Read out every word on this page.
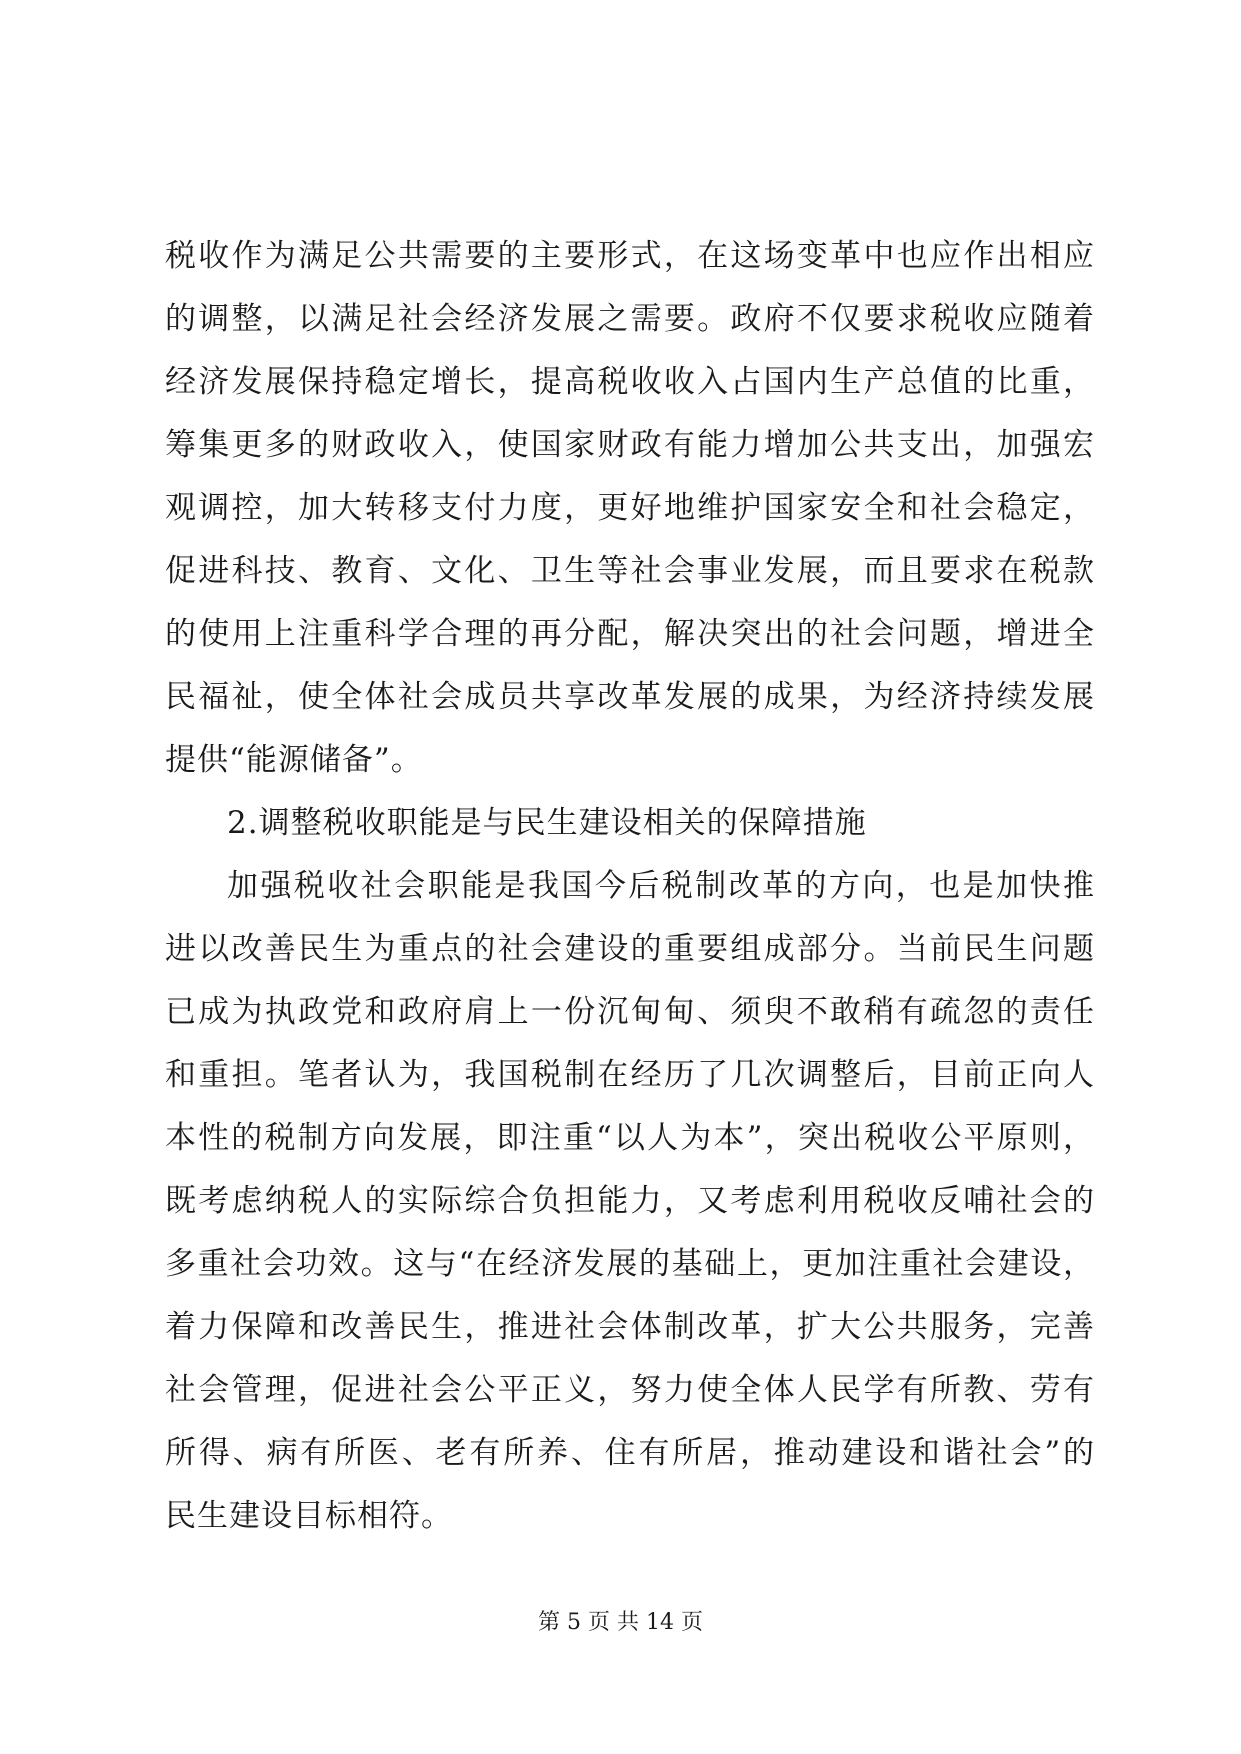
税收作为满足公共需要的主要形式，在这场变革中也应作出相应
的调整，以满足社会经济发展之需要。政府不仅要求税收应随着
经济发展保持稳定增长，提高税收收入占国内生产总值的比重，
筹集更多的财政收入，使国家财政有能力增加公共支出，加强宏
观调控，加大转移支付力度，更好地维护国家安全和社会稳定，
促进科技、教育、文化、卫生等社会事业发展，而且要求在税款
的使用上注重科学合理的再分配，解决突出的社会问题，增进全
民福祉，使全体社会成员共享改革发展的成果，为经济持续发展
提供“能源储备”。
2.调整税收职能是与民生建设相关的保障措施
加强税收社会职能是我国今后税制改革的方向，也是加快推
进以改善民生为重点的社会建设的重要组成部分。当前民生问题
已成为执政党和政府肩上一份沉甸甸、须臾不敢稍有疏忽的责任
和重担。笔者认为，我国税制在经历了几次调整后，目前正向人
本性的税制方向发展，即注重“以人为本”，突出税收公平原则，
既考虑纳税人的实际综合负担能力，又考虑利用税收反哺社会的
多重社会功效。这与“在经济发展的基础上，更加注重社会建设，
着力保障和改善民生，推进社会体制改革，扩大公共服务，完善
社会管理，促进社会公平正义，努力使全体人民学有所教、劳有
所得、病有所医、老有所养、住有所居，推动建设和谐社会”的
民生建设目标相符。
第 5 页 共 14 页
